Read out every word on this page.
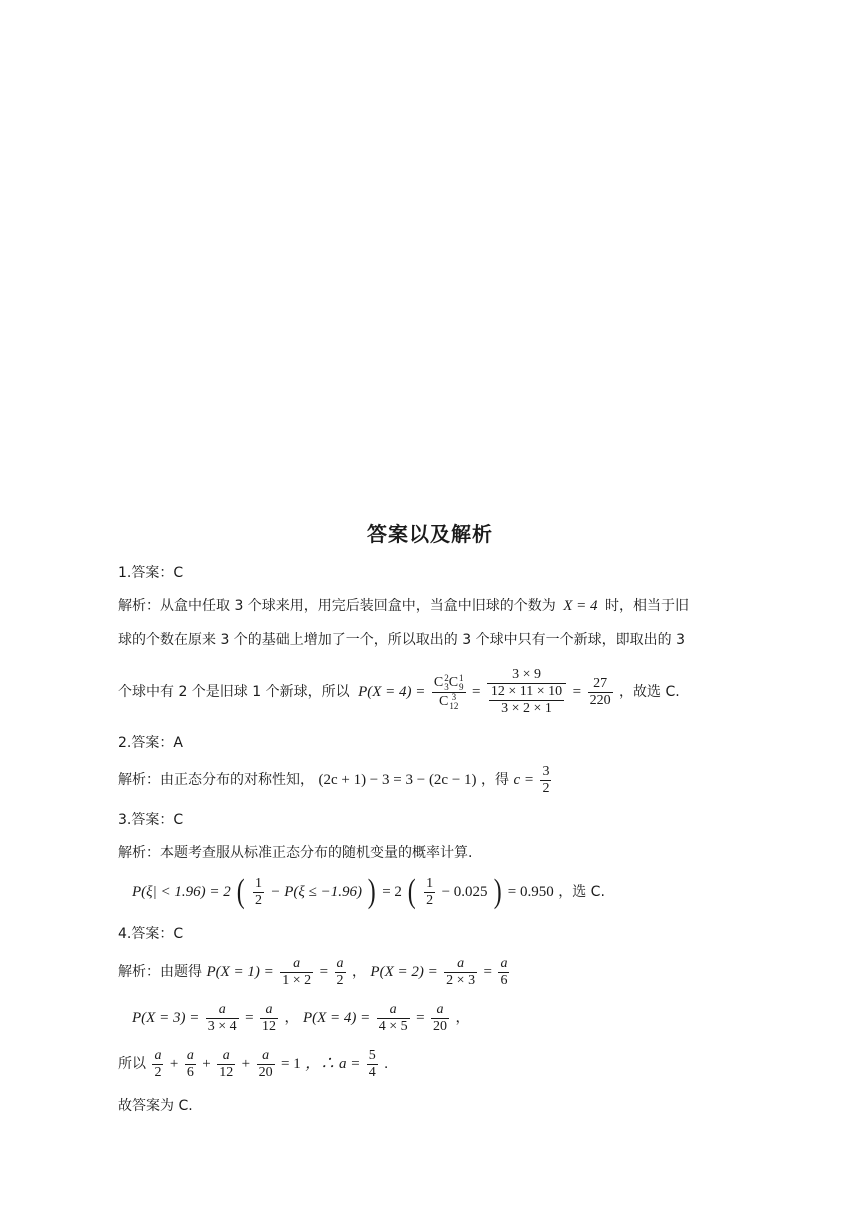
答案以及解析
1.答案：C
解析：从盒中任取 3 个球来用，用完后装回盒中，当盒中旧球的个数为 X = 4 时，相当于旧
球的个数在原来 3 个的基础上增加了一个，所以取出的 3 个球中只有一个新球，即取出的 3
个球中有 2 个是旧球 1 个新球，所以 P(X = 4) = C 2
3 C 1
9
C 3
$12 = \frac{3 \times 9}{\frac{12 \times 11 \times 10}{3 \times 2 \times 1}} = \frac{27}{220}$ ，故选 C.
2.答案：A
解析：由正态分布的对称性知， (2c + 1) − 3 = 3 − (2c − 1) ，得 $c = \frac{3}{2}$
3.答案：C
解析：本题考查服从标准正态分布的随机变量的概率计算.
P(ξ| < 1.96) = 2 ( $\frac{1}{2} - P(\xi \le -1.96)$ ) = 2 ( $\frac{1}{2} - 0.025$ ) = 0.950 ，选 C.
4.答案：C
解析：由题得 $P(X = 1) = \frac{a}{1 \times 2} = \frac{a}{2}$ ， $P(X = 2) = \frac{a}{2 \times 3} = \frac{a}{6}$
$P(X = 3) = \frac{a}{3 \times 4} = \frac{a}{12}$ ， $P(X = 4) = \frac{a}{4 \times 5} = \frac{a}{20}$ ，
所以 $\frac{a}{2} + \frac{a}{6} + \frac{a}{12} + \frac{a}{20} = 1$ ，∴ $a = \frac{5}{4}$ .
故答案为 C.
